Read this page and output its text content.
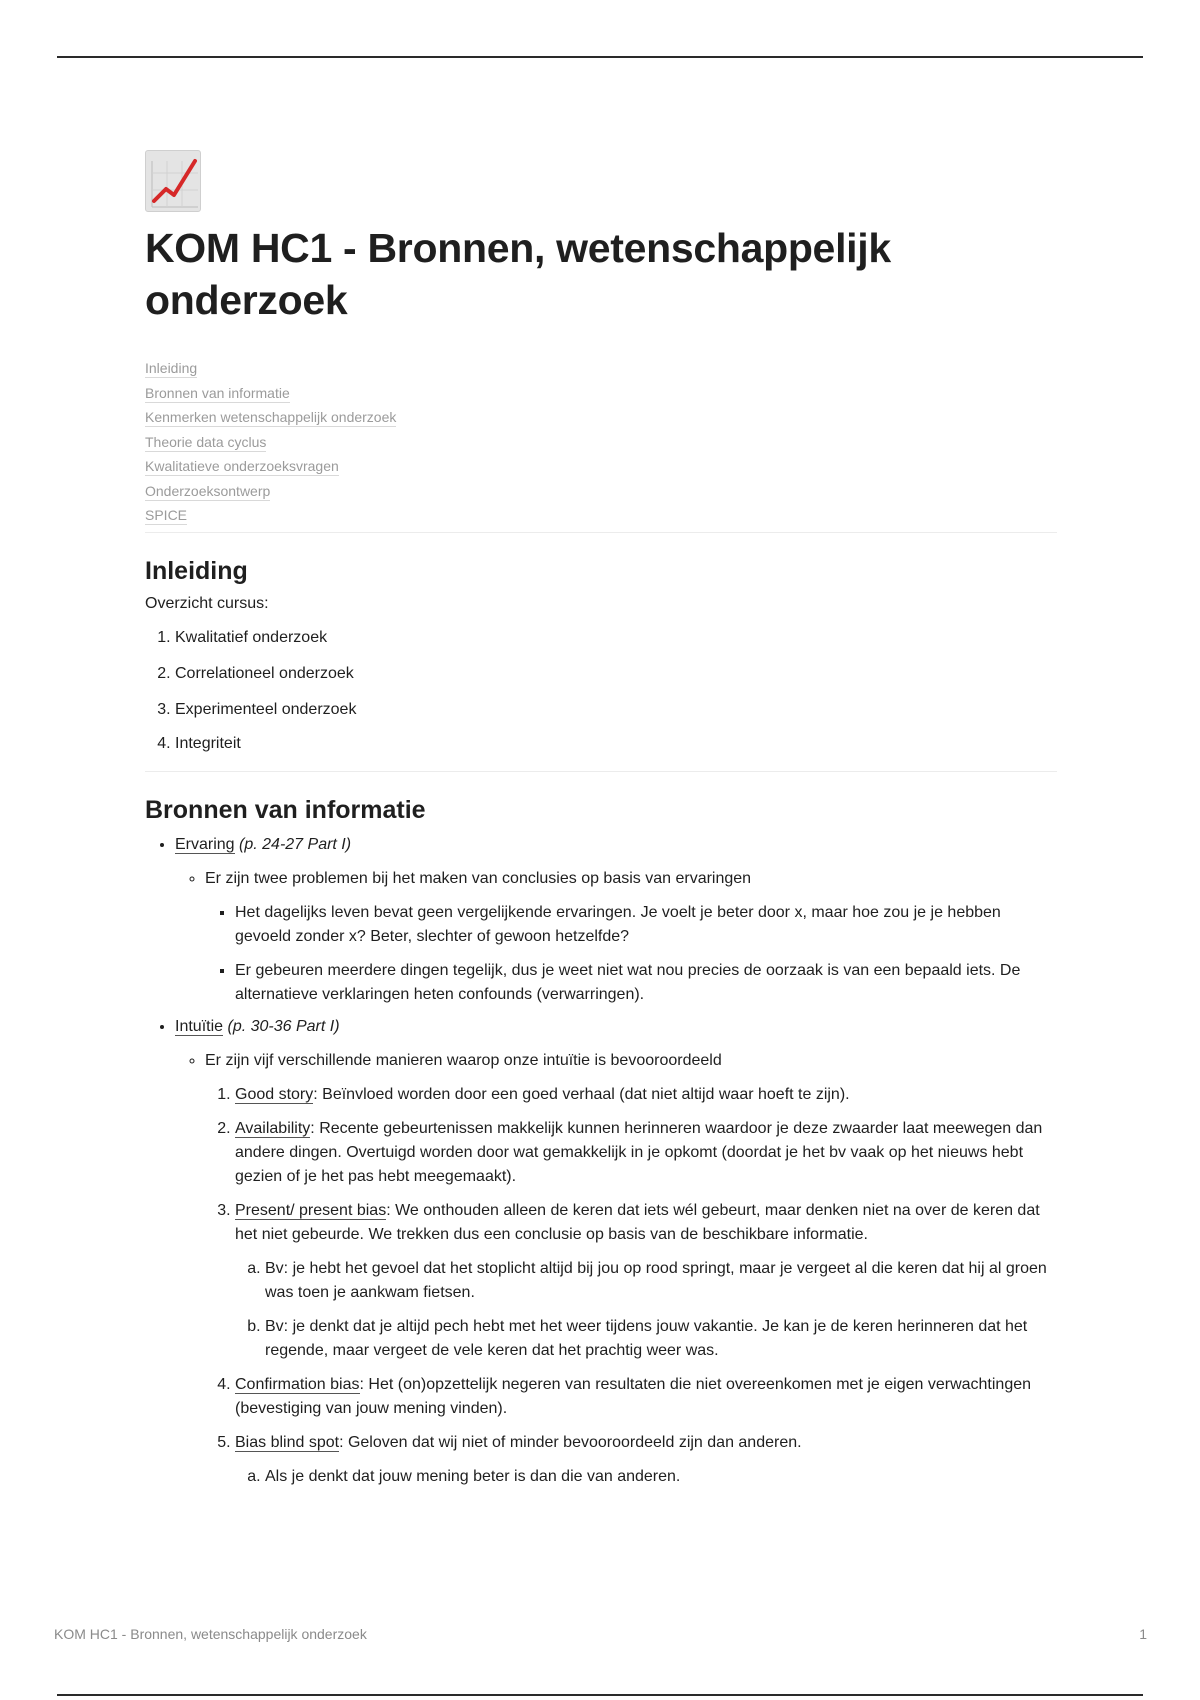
KOM HC1 - Bronnen, wetenschappelijk onderzoek
Inleiding
Bronnen van informatie
Kenmerken wetenschappelijk onderzoek
Theorie data cyclus
Kwalitatieve onderzoeksvragen
Onderzoeksontwerp
SPICE
Inleiding
Overzicht cursus:
1. Kwalitatief onderzoek
2. Correlationeel onderzoek
3. Experimenteel onderzoek
4. Integriteit
Bronnen van informatie
• Ervaring (p. 24-27 Part I)
◦ Er zijn twee problemen bij het maken van conclusies op basis van ervaringen
▪ Het dagelijks leven bevat geen vergelijkende ervaringen. Je voelt je beter door x, maar hoe zou je je hebben gevoeld zonder x? Beter, slechter of gewoon hetzelfde?
▪ Er gebeuren meerdere dingen tegelijk, dus je weet niet wat nou precies de oorzaak is van een bepaald iets. De alternatieve verklaringen heten confounds (verwarringen).
• Intuïtie (p. 30-36 Part I)
◦ Er zijn vijf verschillende manieren waarop onze intuïtie is bevooroordeeld
1. Good story: Beïnvloed worden door een goed verhaal (dat niet altijd waar hoeft te zijn).
2. Availability: Recente gebeurtenissen makkelijk kunnen herinneren waardoor je deze zwaarder laat meewegen dan andere dingen. Overtuigd worden door wat gemakkelijk in je opkomt (doordat je het bv vaak op het nieuws hebt gezien of je het pas hebt meegemaakt).
3. Present/ present bias: We onthouden alleen de keren dat iets wél gebeurt, maar denken niet na over de keren dat het niet gebeurde. We trekken dus een conclusie op basis van de beschikbare informatie.
a. Bv: je hebt het gevoel dat het stoplicht altijd bij jou op rood springt, maar je vergeet al die keren dat hij al groen was toen je aankwam fietsen.
b. Bv: je denkt dat je altijd pech hebt met het weer tijdens jouw vakantie. Je kan je de keren herinneren dat het regende, maar vergeet de vele keren dat het prachtig weer was.
4. Confirmation bias: Het (on)opzettelijk negeren van resultaten die niet overeenkomen met je eigen verwachtingen (bevestiging van jouw mening vinden).
5. Bias blind spot: Geloven dat wij niet of minder bevooroordeeld zijn dan anderen.
a. Als je denkt dat jouw mening beter is dan die van anderen.
KOM HC1 - Bronnen, wetenschappelijk onderzoek	1
